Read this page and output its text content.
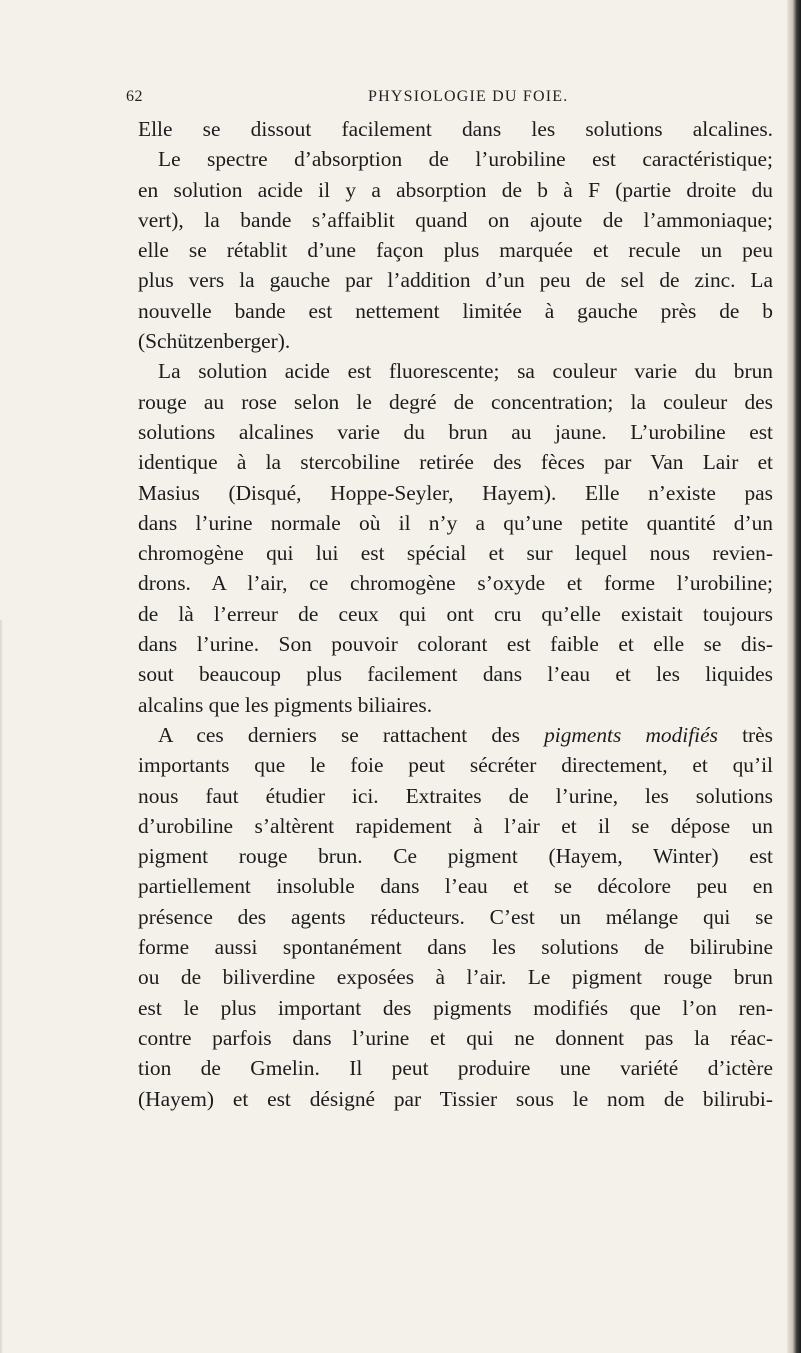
62	PHYSIOLOGIE DU FOIE.
Elle se dissout facilement dans les solutions alcalines.
Le spectre d’absorption de l’urobiline est caractéristique;
en solution acide il y a absorption de b à F (partie droite du
vert), la bande s’affaiblit quand on ajoute de l’ammoniaque;
elle se rétablit d’une façon plus marquée et recule un peu
plus vers la gauche par l’addition d’un peu de sel de zinc. La
nouvelle bande est nettement limitée à gauche près de b
(Schützenberger).
La solution acide est fluorescente; sa couleur varie du brun
rouge au rose selon le degré de concentration; la couleur des
solutions alcalines varie du brun au jaune. L’urobiline est
identique à la stercobiline retirée des fèces par Van Lair et
Masius (Disqué, Hoppe-Seyler, Hayem). Elle n’existe pas
dans l’urine normale où il n’y a qu’une petite quantité d’un
chromogène qui lui est spécial et sur lequel nous revien-
drons. A l’air, ce chromogène s’oxyde et forme l’urobiline;
de là l’erreur de ceux qui ont cru qu’elle existait toujours
dans l’urine. Son pouvoir colorant est faible et elle se dis-
sout beaucoup plus facilement dans l’eau et les liquides
alcalins que les pigments biliaires.
A ces derniers se rattachent des pigments modifiés très
importants que le foie peut sécréter directement, et qu’il
nous faut étudier ici. Extraites de l’urine, les solutions
d’urobiline s’altèrent rapidement à l’air et il se dépose un
pigment rouge brun. Ce pigment (Hayem, Winter) est
partiellement insoluble dans l’eau et se décolore peu en
présence des agents réducteurs. C’est un mélange qui se
forme aussi spontanément dans les solutions de bilirubine
ou de biliverdine exposées à l’air. Le pigment rouge brun
est le plus important des pigments modifiés que l’on ren-
contre parfois dans l’urine et qui ne donnent pas la réac-
tion de Gmelin. Il peut produire une variété d’ictère
(Hayem) et est désigné par Tissier sous le nom de bilirubi-
